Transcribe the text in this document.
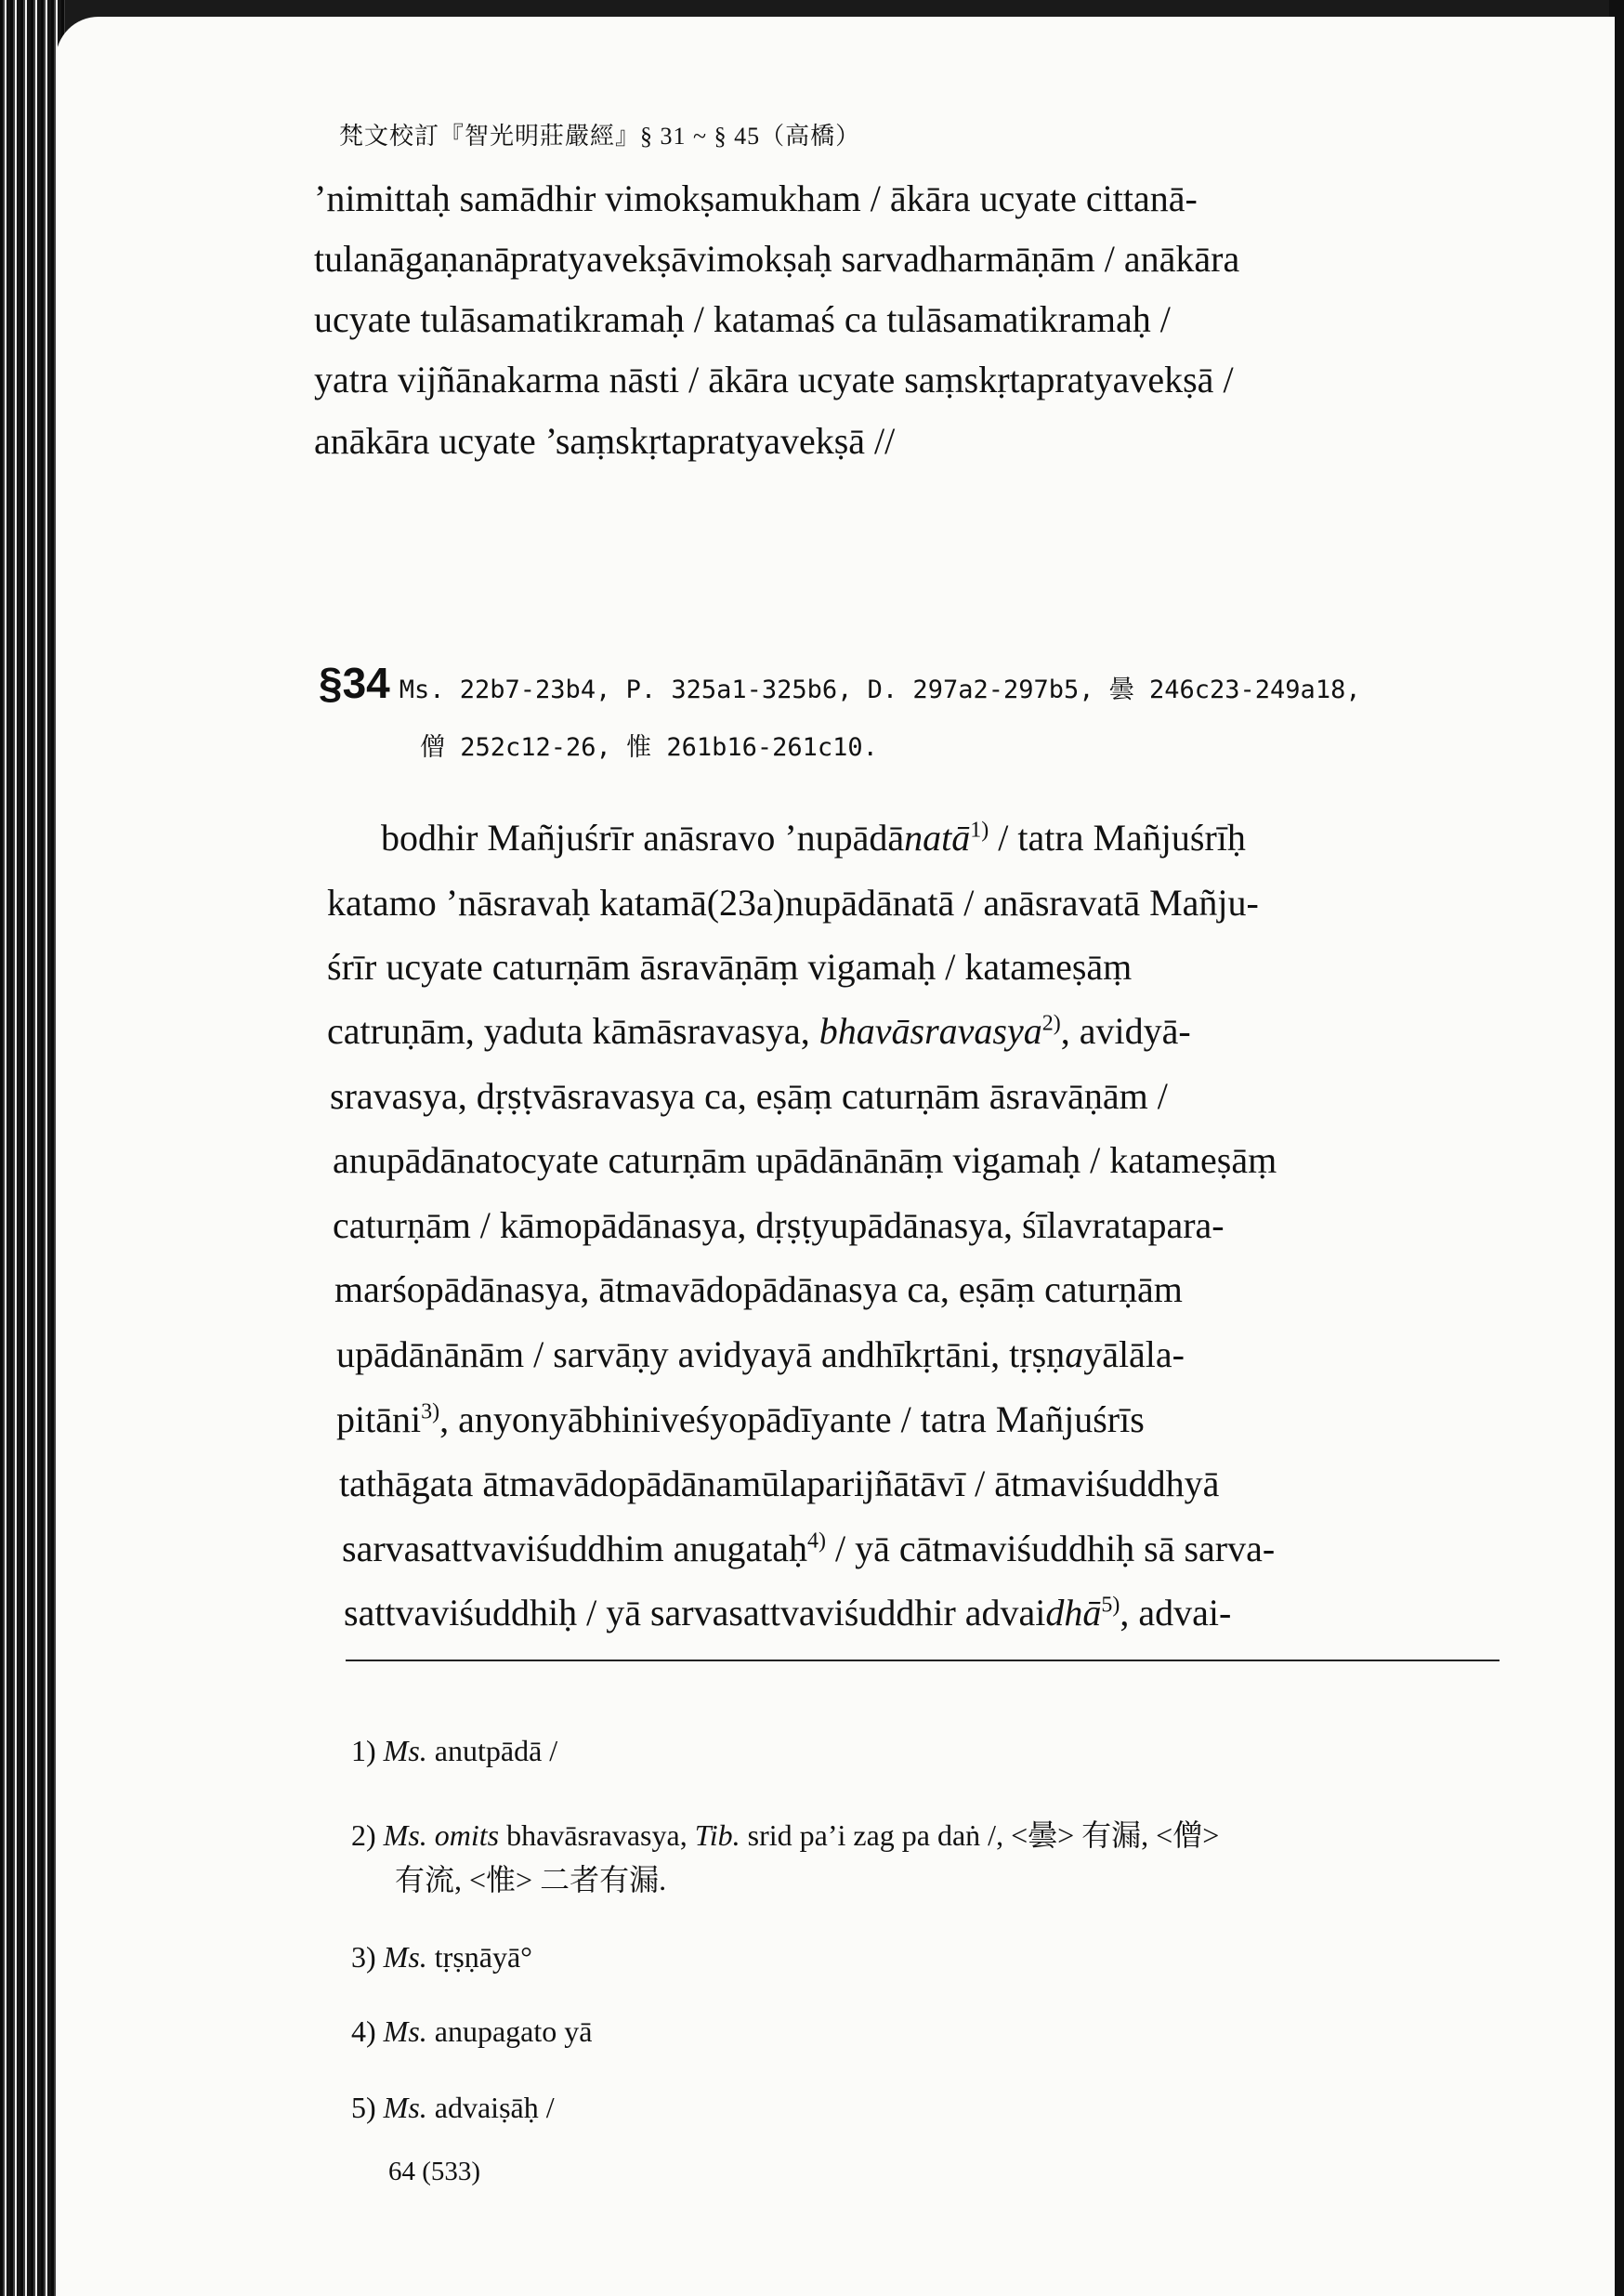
梵文校訂『智光明莊嚴經』§ 31 ~ § 45（高橋）
’nimittaḥ samādhir vimokṣamukham / ākāra ucyate cittanā-
tulanāgaṇanāpratyavekṣāvimokṣaḥ sarvadharmāṇām / anākāra
ucyate tulāsamatikramaḥ / katamaś ca tulāsamatikramaḥ /
yatra vijñānakarma nāsti / ākāra ucyate saṃskṛtapratyavekṣā /
anākāra ucyate ’saṃskṛtapratyavekṣā //
§34 Ms. 22b7-23b4, P. 325a1-325b6, D. 297a2-297b5, 曇 246c23-249a18,
僧 252c12-26, 惟 261b16-261c10.
bodhir Mañjuśrīr anāsravo ’nupādānatā$^{1)}$ / tatra Mañjuśrīḥ
katamo ’nāsravaḥ katamā(23a)nupādānatā / anāsravatā Mañju-
śrīr ucyate caturṇām āsravāṇāṃ vigamaḥ / katameṣāṃ
catruṇām, yaduta kāmāsravasya, bhavāsravasya$^{2)}$, avidyā-
sravasya, dṛṣṭvāsravasya ca, eṣāṃ caturṇām āsravāṇām /
anupādānatocyate caturṇām upādānānāṃ vigamaḥ / katameṣāṃ
caturṇām / kāmopādānasya, dṛṣṭyupādānasya, śīlavratapara-
marśopādānasya, ātmavādopādānasya ca, eṣāṃ caturṇām
upādānānām / sarvāṇy avidyayā andhīkṛtāni, tṛṣṇayālāla-
pitāni$^{3)}$, anyonyābhiniveśyopādīyante / tatra Mañjuśrīs
tathāgata ātmavādopādānamūlaparijñātāvī / ātmaviśuddhyā
sarvasattvaviśuddhim anugataḥ$^{4)}$ / yā cātmaviśuddhiḥ sā sarva-
sattvaviśuddhiḥ / yā sarvasattvaviśuddhir advaidhā$^{5)}$, advai-
1) Ms. anutpādā /
2) Ms. omits bhavāsravasya, Tib. srid pa’i zag pa daṅ /, <曇> 有漏, <僧>
有流, <惟> 二者有漏.
3) Ms. tṛṣṇāyā°
4) Ms. anupagato yā
5) Ms. advaiṣāḥ /
64 (533)
